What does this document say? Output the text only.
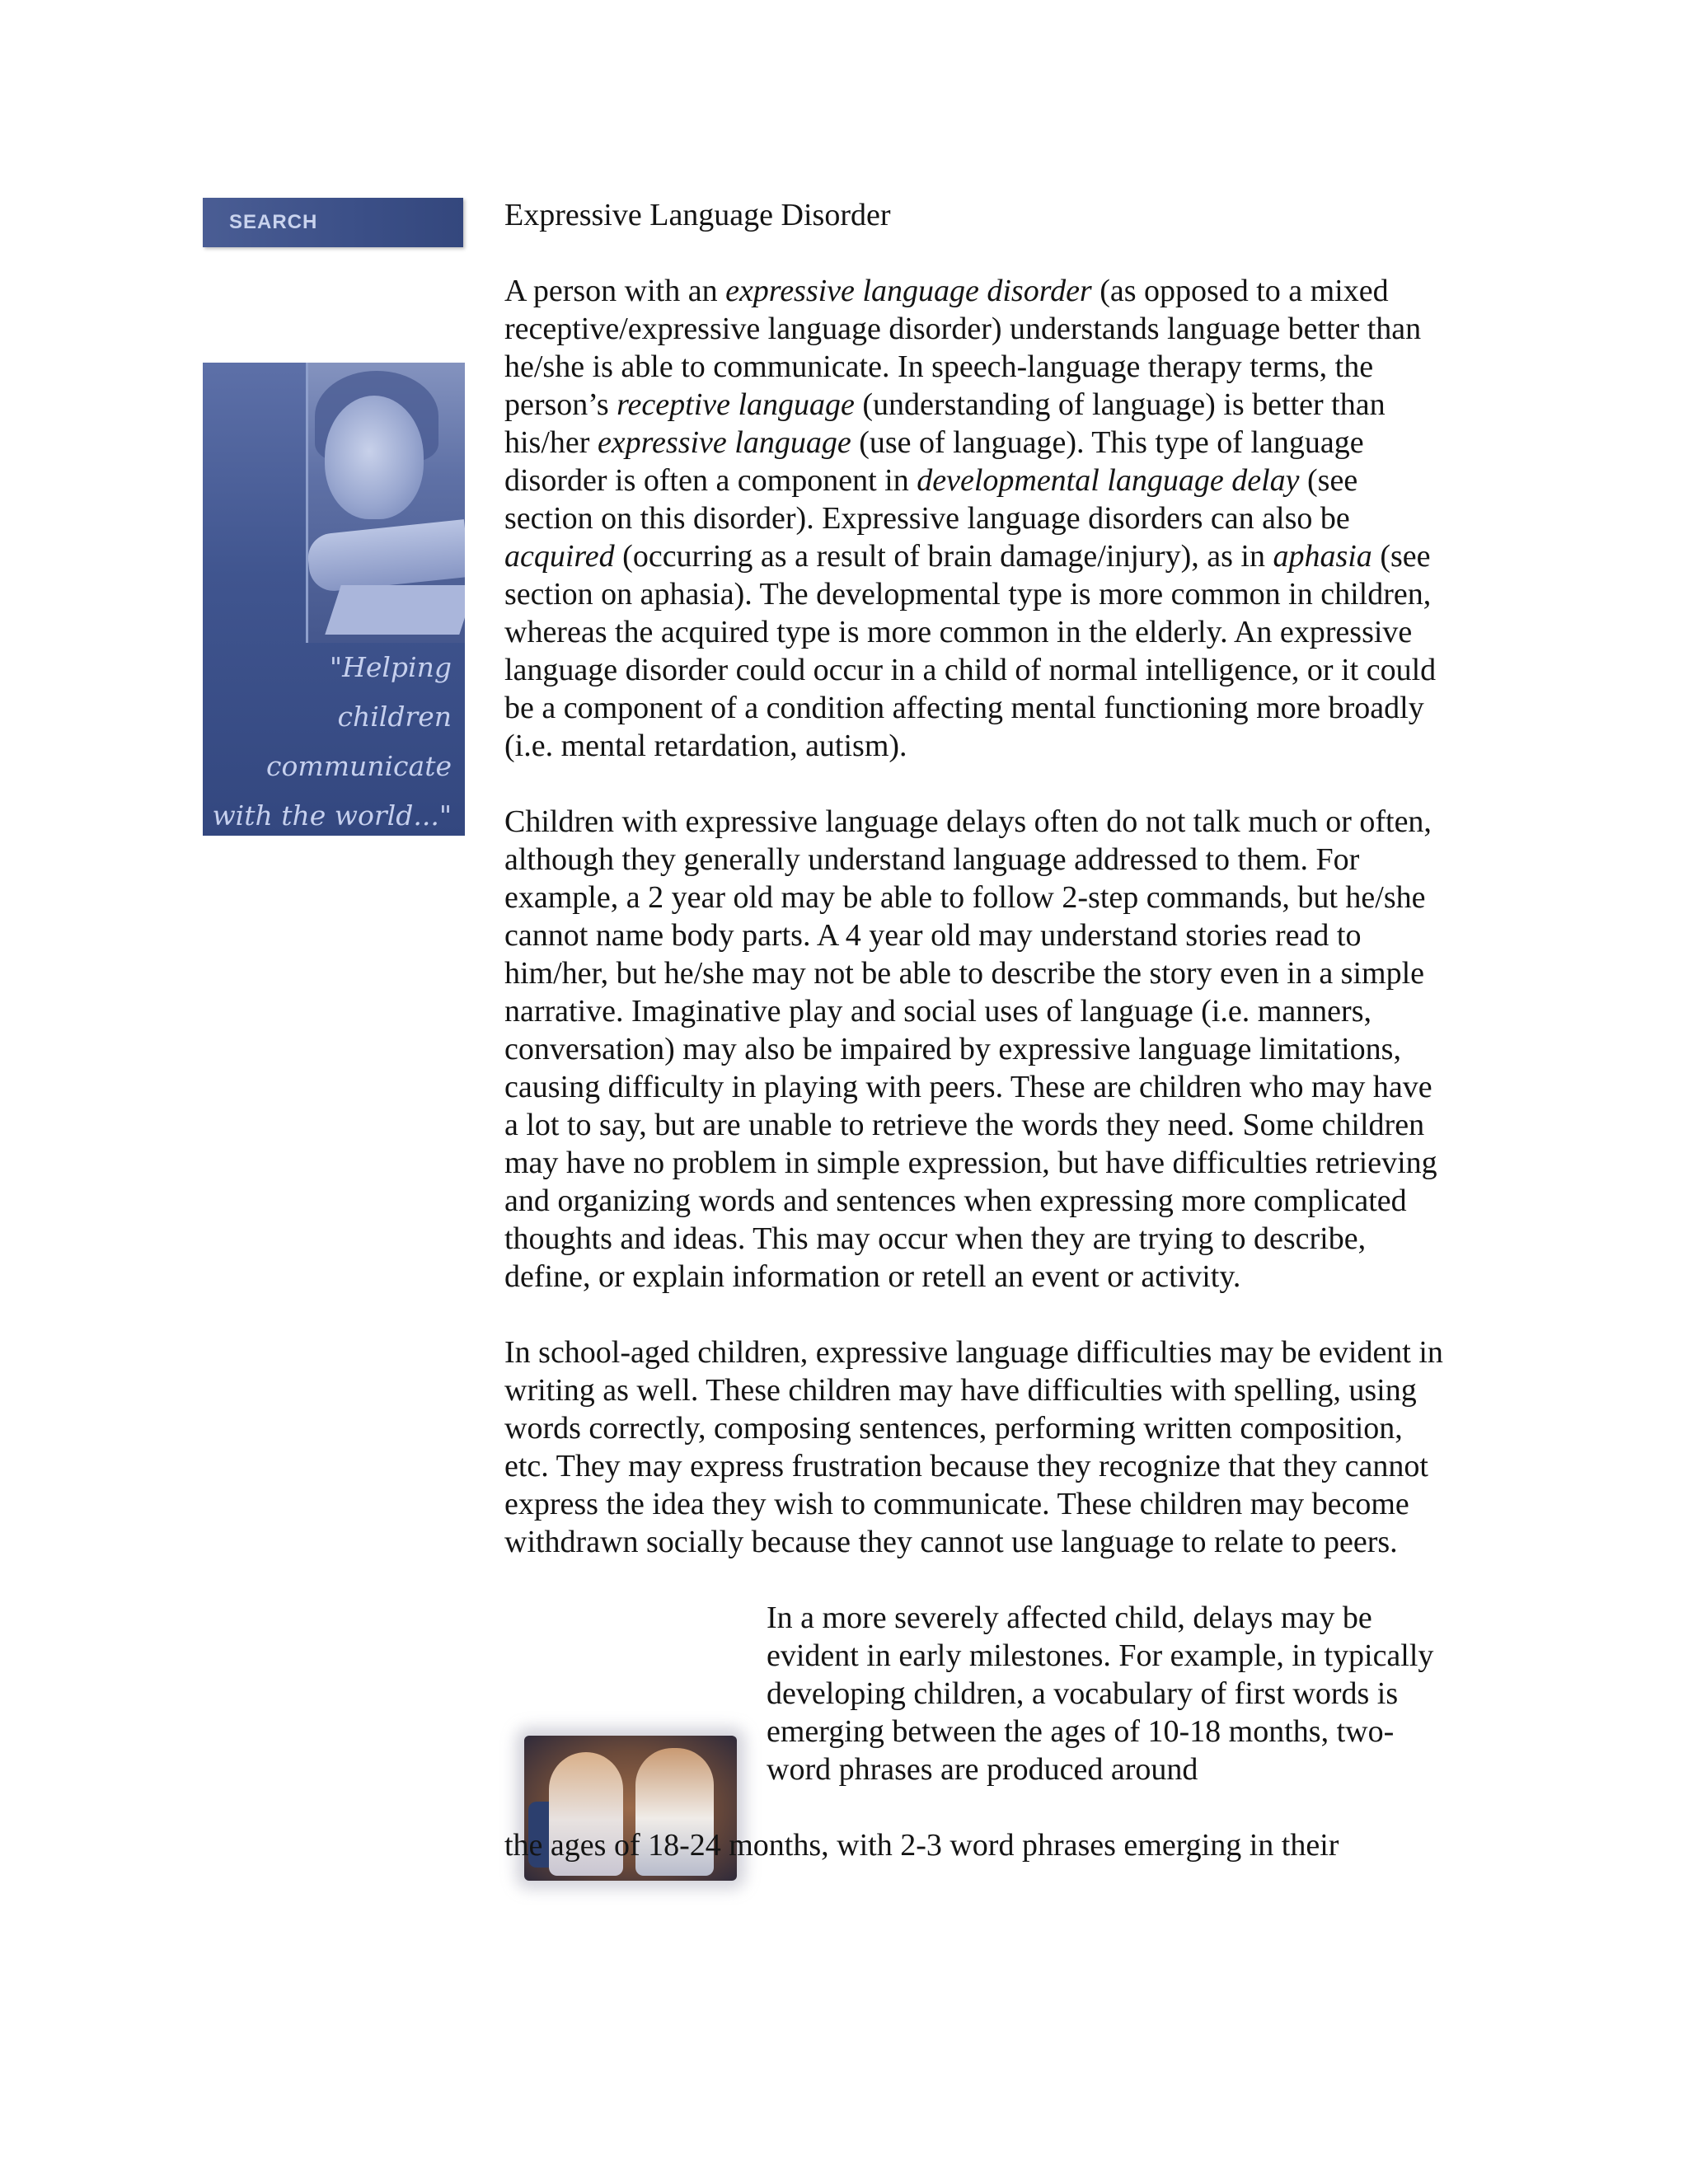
SEARCH
"Helping
children
communicate
with the world..."

Expressive Language Disorder

A person with an expressive language disorder (as opposed to a mixed receptive/expressive language disorder) understands language better than he/she is able to communicate. In speech-language therapy terms, the person’s receptive language (understanding of language) is better than his/her expressive language (use of language). This type of language disorder is often a component in developmental language delay (see section on this disorder). Expressive language disorders can also be acquired (occurring as a result of brain damage/injury), as in aphasia (see section on aphasia). The developmental type is more common in children, whereas the acquired type is more common in the elderly. An expressive language disorder could occur in a child of normal intelligence, or it could be a component of a condition affecting mental functioning more broadly (i.e. mental retardation, autism).

Children with expressive language delays often do not talk much or often, although they generally understand language addressed to them. For example, a 2 year old may be able to follow 2-step commands, but he/she cannot name body parts. A 4 year old may understand stories read to him/her, but he/she may not be able to describe the story even in a simple narrative. Imaginative play and social uses of language (i.e. manners, conversation) may also be impaired by expressive language limitations, causing difficulty in playing with peers. These are children who may have a lot to say, but are unable to retrieve the words they need. Some children may have no problem in simple expression, but have difficulties retrieving and organizing words and sentences when expressing more complicated thoughts and ideas. This may occur when they are trying to describe, define, or explain information or retell an event or activity.

In school-aged children, expressive language difficulties may be evident in writing as well. These children may have difficulties with spelling, using words correctly, composing sentences, performing written composition, etc. They may express frustration because they recognize that they cannot express the idea they wish to communicate. These children may become withdrawn socially because they cannot use language to relate to peers.

In a more severely affected child, delays may be evident in early milestones. For example, in typically developing children, a vocabulary of first words is emerging between the ages of 10-18 months, two-word phrases are produced around

the ages of 18-24 months, with 2-3 word phrases emerging in their
